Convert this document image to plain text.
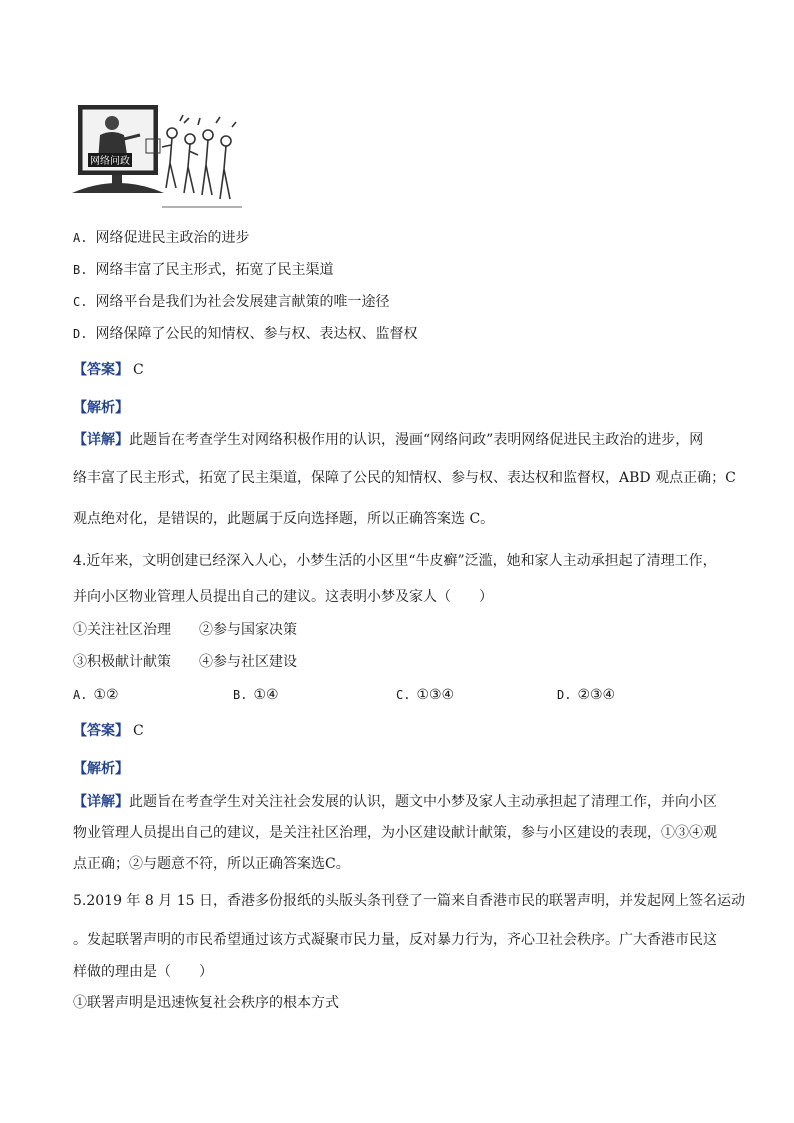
网络问政
A. 网络促进民主政治的进步
B. 网络丰富了民主形式，拓宽了民主渠道
C. 网络平台是我们为社会发展建言献策的唯一途径
D. 网络保障了公民的知情权、参与权、表达权、监督权
【答案】 C
【解析】
【详解】此题旨在考查学生对网络积极作用的认识，漫画“网络问政”表明网络促进民主政治的进步，网
络丰富了民主形式，拓宽了民主渠道，保障了公民的知情权、参与权、表达权和监督权，ABD 观点正确；C
观点绝对化，是错误的，此题属于反向选择题，所以正确答案选 C。
4.近年来，文明创建已经深入人心，小梦生活的小区里“牛皮癣”泛滥，她和家人主动承担起了清理工作，
并向小区物业管理人员提出自己的建议。这表明小梦及家人（　　）
①关注社区治理　　②参与国家决策
③积极献计献策　　④参与社区建设
A. ①②	B. ①④	C. ①③④	D. ②③④
【答案】 C
【解析】
【详解】此题旨在考查学生对关注社会发展的认识，题文中小梦及家人主动承担起了清理工作，并向小区
物业管理人员提出自己的建议，是关注社区治理，为小区建设献计献策，参与小区建设的表现，①③④观
点正确；②与题意不符，所以正确答案选C。
5.2019 年 8 月 15 日，香港多份报纸的头版头条刊登了一篇来自香港市民的联署声明，并发起网上签名运动
。发起联署声明的市民希望通过该方式凝聚市民力量，反对暴力行为，齐心卫社会秩序。广大香港市民这
样做的理由是（　　）
①联署声明是迅速恢复社会秩序的根本方式
